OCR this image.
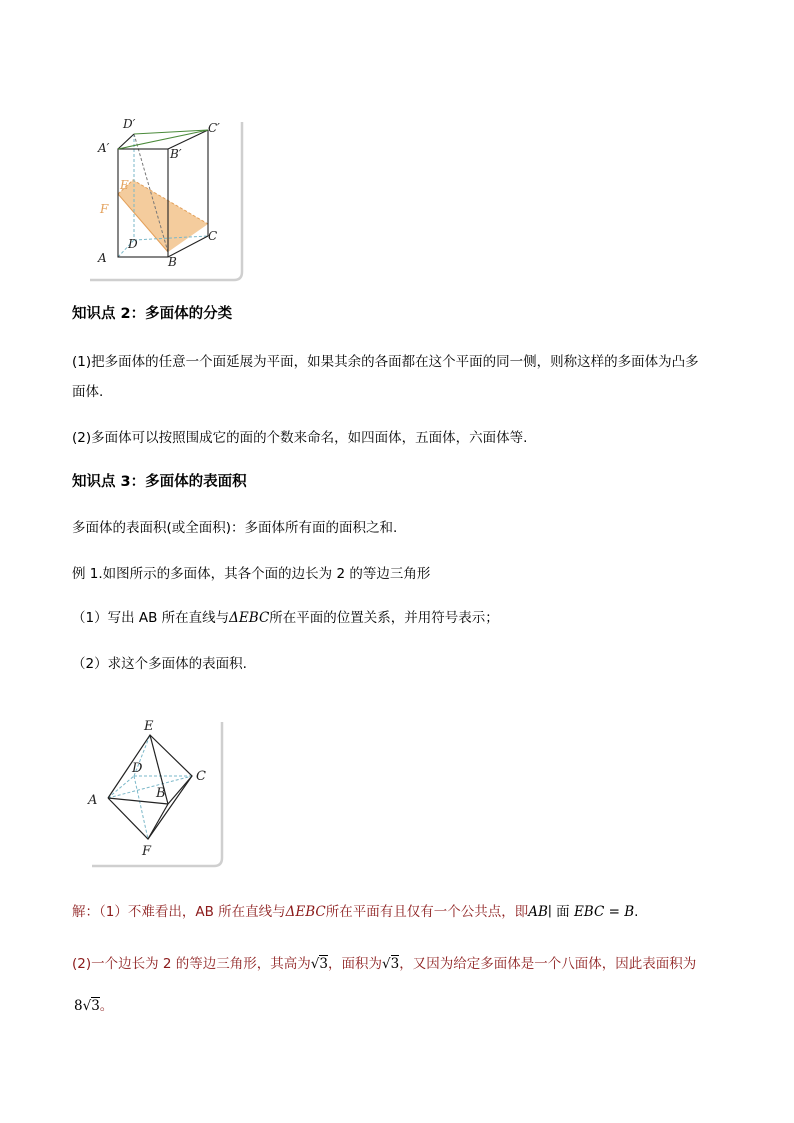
D′	C′
A′	B′
E
F
D
C
A	B
知识点 2：多面体的分类
(1)把多面体的任意一个面延展为平面，如果其余的各面都在这个平面的同一侧，则称这样的多面体为凸多
面体.
(2)多面体可以按照围成它的面的个数来命名，如四面体，五面体，六面体等.
知识点 3：多面体的表面积
多面体的表面积(或全面积)：多面体所有面的面积之和.
例 1.如图所示的多面体，其各个面的边长为 2 的等边三角形
（1）写出 AB 所在直线与ΔEBC所在平面的位置关系，并用符号表示；
（2）求这个多面体的表面积.
E
D
C
A	B
F
解：（1）不难看出，AB 所在直线与ΔEBC所在平面有且仅有一个公共点，即AB∣ 面 EBC = B.
(2)一个边长为 2 的等边三角形，其高为√3，面积为√3，又因为给定多面体是一个八面体，因此表面积为
8√3。
